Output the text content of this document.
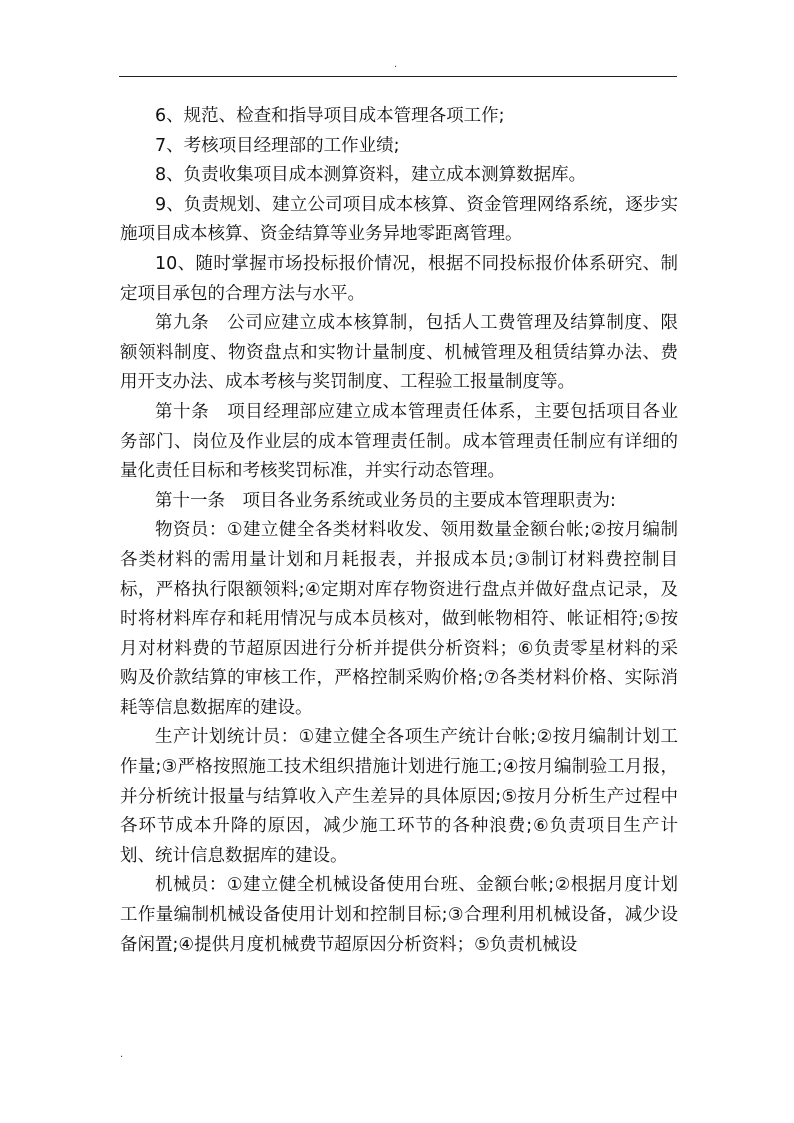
.

6、规范、检查和指导项目成本管理各项工作;

7、考核项目经理部的工作业绩;

8、负责收集项目成本测算资料，建立成本测算数据库。

9、负责规划、建立公司项目成本核算、资金管理网络系统，逐步实施项目成本核算、资金结算等业务异地零距离管理。

10、随时掌握市场投标报价情况，根据不同投标报价体系研究、制定项目承包的合理方法与水平。

第九条　公司应建立成本核算制，包括人工费管理及结算制度、限额领料制度、物资盘点和实物计量制度、机械管理及租赁结算办法、费用开支办法、成本考核与奖罚制度、工程验工报量制度等。

第十条　项目经理部应建立成本管理责任体系，主要包括项目各业务部门、岗位及作业层的成本管理责任制。成本管理责任制应有详细的量化责任目标和考核奖罚标准，并实行动态管理。

第十一条　项目各业务系统或业务员的主要成本管理职责为:

物资员：①建立健全各类材料收发、领用数量金额台帐;②按月编制各类材料的需用量计划和月耗报表，并报成本员;③制订材料费控制目标，严格执行限额领料;④定期对库存物资进行盘点并做好盘点记录，及时将材料库存和耗用情况与成本员核对，做到帐物相符、帐证相符;⑤按月对材料费的节超原因进行分析并提供分析资料；⑥负责零星材料的采购及价款结算的审核工作，严格控制采购价格;⑦各类材料价格、实际消耗等信息数据库的建设。

生产计划统计员：①建立健全各项生产统计台帐;②按月编制计划工作量;③严格按照施工技术组织措施计划进行施工;④按月编制验工月报，并分析统计报量与结算收入产生差异的具体原因;⑤按月分析生产过程中各环节成本升降的原因，减少施工环节的各种浪费;⑥负责项目生产计划、统计信息数据库的建设。

机械员：①建立健全机械设备使用台班、金额台帐;②根据月度计划工作量编制机械设备使用计划和控制目标;③合理利用机械设备，减少设备闲置;④提供月度机械费节超原因分析资料；⑤负责机械设

.
